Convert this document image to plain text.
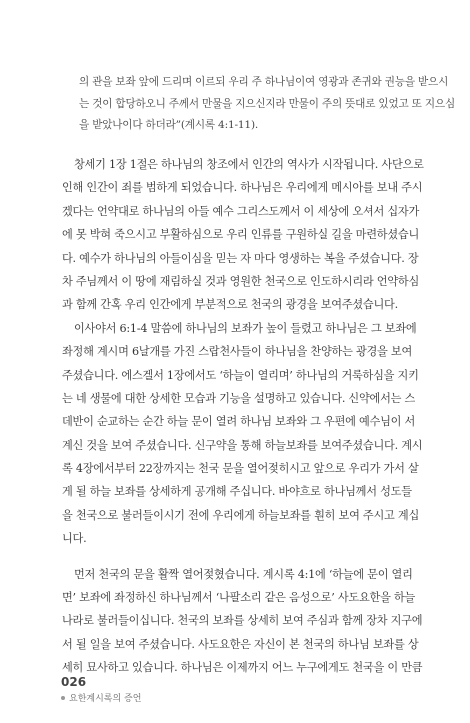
의 관을 보좌 앞에 드리며 이르되 우리 주 하나님이여 영광과 존귀와 권능을 받으시
는 것이 합당하오니 주께서 만물을 지으신지라 만물이 주의 뜻대로 있었고 또 지으심
을 받았나이다 하더라”(계시록 4:1-11).
창세기 1장 1절은 하나님의 창조에서 인간의 역사가 시작됩니다. 사단으로
인해 인간이 죄를 범하게 되었습니다. 하나님은 우리에게 메시아를 보내 주시
겠다는 언약대로 하나님의 아들 예수 그리스도께서 이 세상에 오셔서 십자가
에 못 박혀 죽으시고 부활하심으로 우리 인류를 구원하실 길을 마련하셨습니
다. 예수가 하나님의 아들이심을 믿는 자 마다 영생하는 복을 주셨습니다. 장
차 주님께서 이 땅에 재림하실 것과 영원한 천국으로 인도하시리라 언약하심
과 함께 간혹 우리 인간에게 부분적으로 천국의 광경을 보여주셨습니다.
이사야서 6:1-4 말씀에 하나님의 보좌가 높이 들렸고 하나님은 그 보좌에
좌정해 계시며 6날개를 가진 스랍천사들이 하나님을 찬양하는 광경을 보여
주셨습니다. 에스겔서 1장에서도 ‘하늘이 열리며’ 하나님의 거룩하심을 지키
는 네 생물에 대한 상세한 모습과 기능을 설명하고 있습니다. 신약에서는 스
데반이 순교하는 순간 하늘 문이 열려 하나님 보좌와 그 우편에 예수님이 서
계신 것을 보여 주셨습니다. 신구약을 통해 하늘보좌를 보여주셨습니다. 계시
록 4장에서부터 22장까지는 천국 문을 열어젖히시고 앞으로 우리가 가서 살
게 될 하늘 보좌를 상세하게 공개해 주십니다. 바야흐로 하나님께서 성도들
을 천국으로 불러들이시기 전에 우리에게 하늘보좌를 훤히 보여 주시고 계십
니다.
먼저 천국의 문을 활짝 열어젖혔습니다. 계시록 4:1에 ‘하늘에 문이 열리
면’ 보좌에 좌정하신 하나님께서 ‘나팔소리 같은 음성으로’ 사도요한을 하늘
나라로 불러들이십니다. 천국의 보좌를 상세히 보여 주심과 함께 장차 지구에
서 될 일을 보여 주셨습니다. 사도요한은 자신이 본 천국의 하나님 보좌를 상
세히 묘사하고 있습니다. 하나님은 이제까지 어느 누구에게도 천국을 이 만큼
026
요한계시록의 증언
